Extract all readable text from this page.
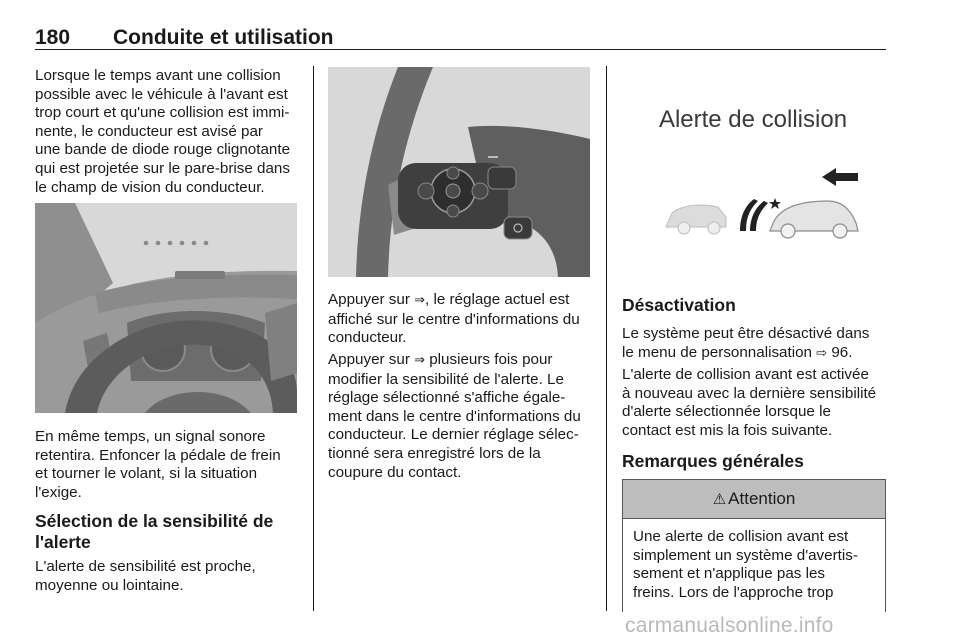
180 Conduite et utilisation
Lorsque le temps avant une collision
possible avec le véhicule à l'avant est
trop court et qu'une collision est immi-
nente, le conducteur est avisé par
une bande de diode rouge clignotante
qui est projetée sur le pare-brise dans
le champ de vision du conducteur.
En même temps, un signal sonore
retentira. Enfoncer la pédale de frein
et tourner le volant, si la situation
l'exige.
Sélection de la sensibilité de
l'alerte
L'alerte de sensibilité est proche,
moyenne ou lointaine.
Appuyer sur ⇒, le réglage actuel est
affiché sur le centre d'informations du
conducteur.
Appuyer sur ⇒ plusieurs fois pour
modifier la sensibilité de l'alerte. Le
réglage sélectionné s'affiche égale-
ment dans le centre d'informations du
conducteur. Le dernier réglage sélec-
tionné sera enregistré lors de la
coupure du contact.
Alerte de collision
Désactivation
Le système peut être désactivé dans
le menu de personnalisation ⇨ 96.
L'alerte de collision avant est activée
à nouveau avec la dernière sensibilité
d'alerte sélectionnée lorsque le
contact est mis la fois suivante.
Remarques générales
⚠ Attention
Une alerte de collision avant est
simplement un système d'avertis-
sement et n'applique pas les
freins. Lors de l'approche trop
carmanualsonline.info
